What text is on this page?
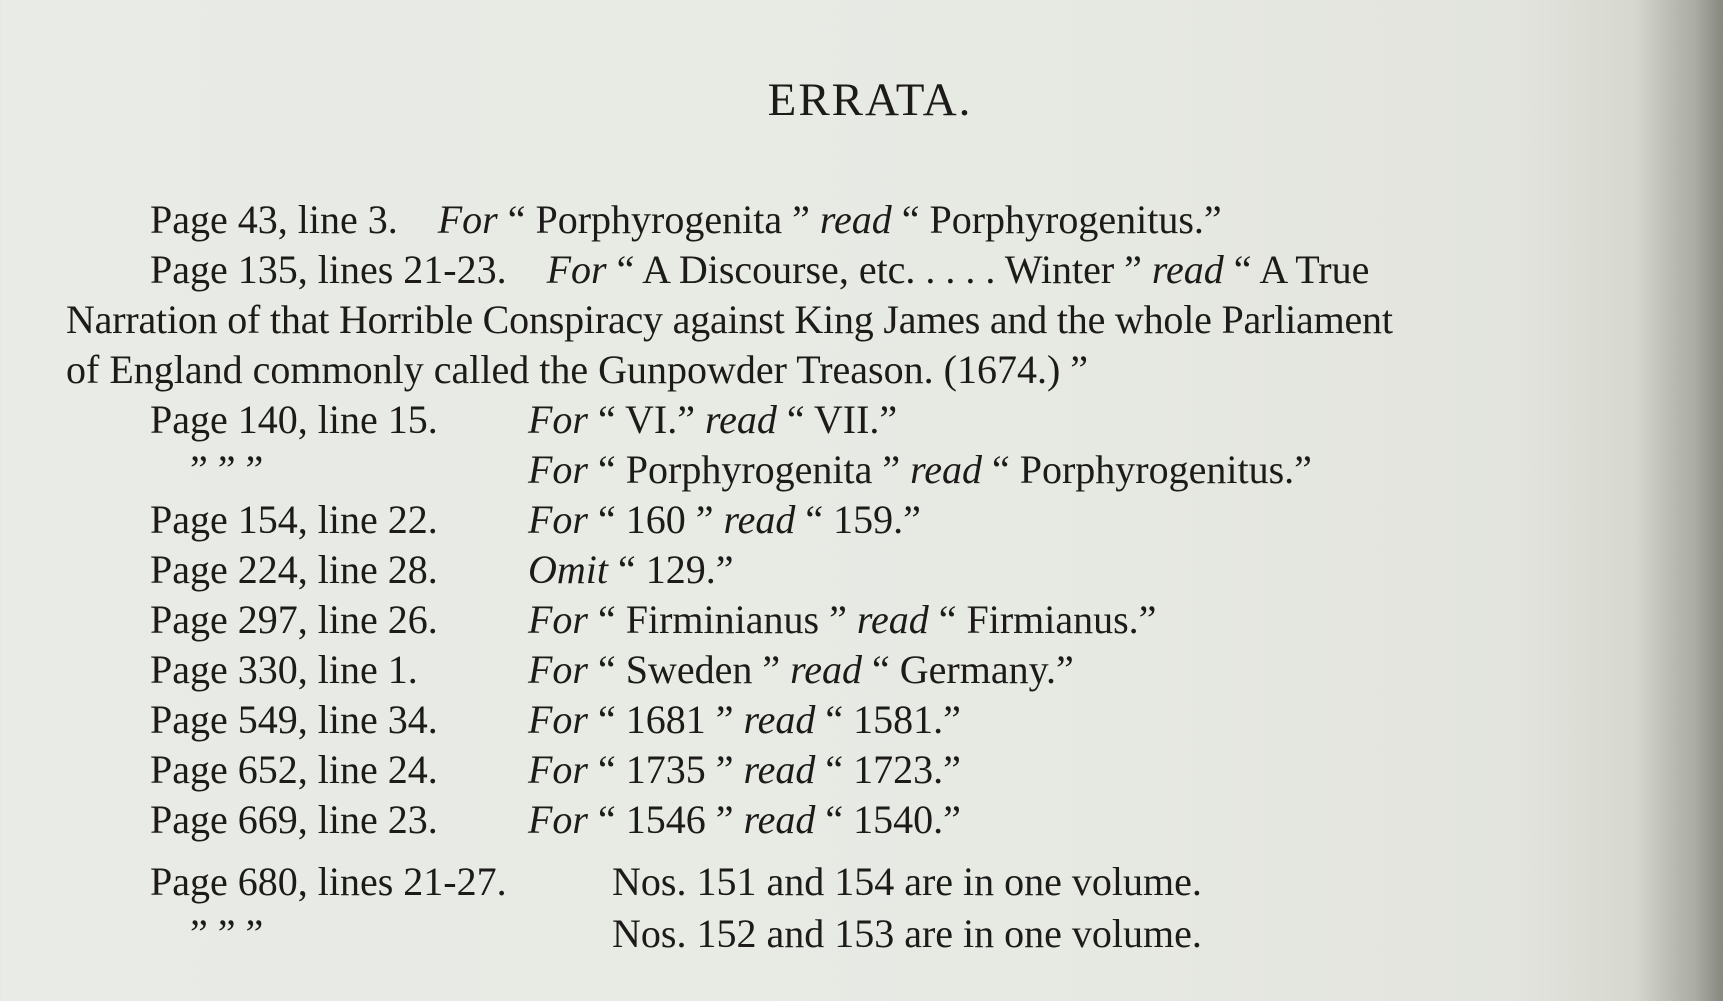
ERRATA.
Page 43, line 3. For “ Porphyrogenita ” read “ Porphyrogenitus.”
Page 135, lines 21-23. For “ A Discourse, etc. . . . . Winter ” read “ A True
Narration of that Horrible Conspiracy against King James and the whole Parliament
of England commonly called the Gunpowder Treason. (1674.) ”
Page 140, line 15. For “ VI.” read “ VII.”
” ” ”	For “ Porphyrogenita ” read “ Porphyrogenitus.”
Page 154, line 22. For “ 160 ” read “ 159.”
Page 224, line 28. Omit “ 129.”
Page 297, line 26. For “ Firminianus ” read “ Firmianus.”
Page 330, line 1.	For “ Sweden ” read “ Germany.”
Page 549, line 34. For “ 1681 ” read “ 1581.”
Page 652, line 24. For “ 1735 ” read “ 1723.”
Page 669, line 23. For “ 1546 ” read “ 1540.”
Page 680, lines 21-27.	Nos. 151 and 154 are in one volume.
” ” ”	Nos. 152 and 153 are in one volume.
